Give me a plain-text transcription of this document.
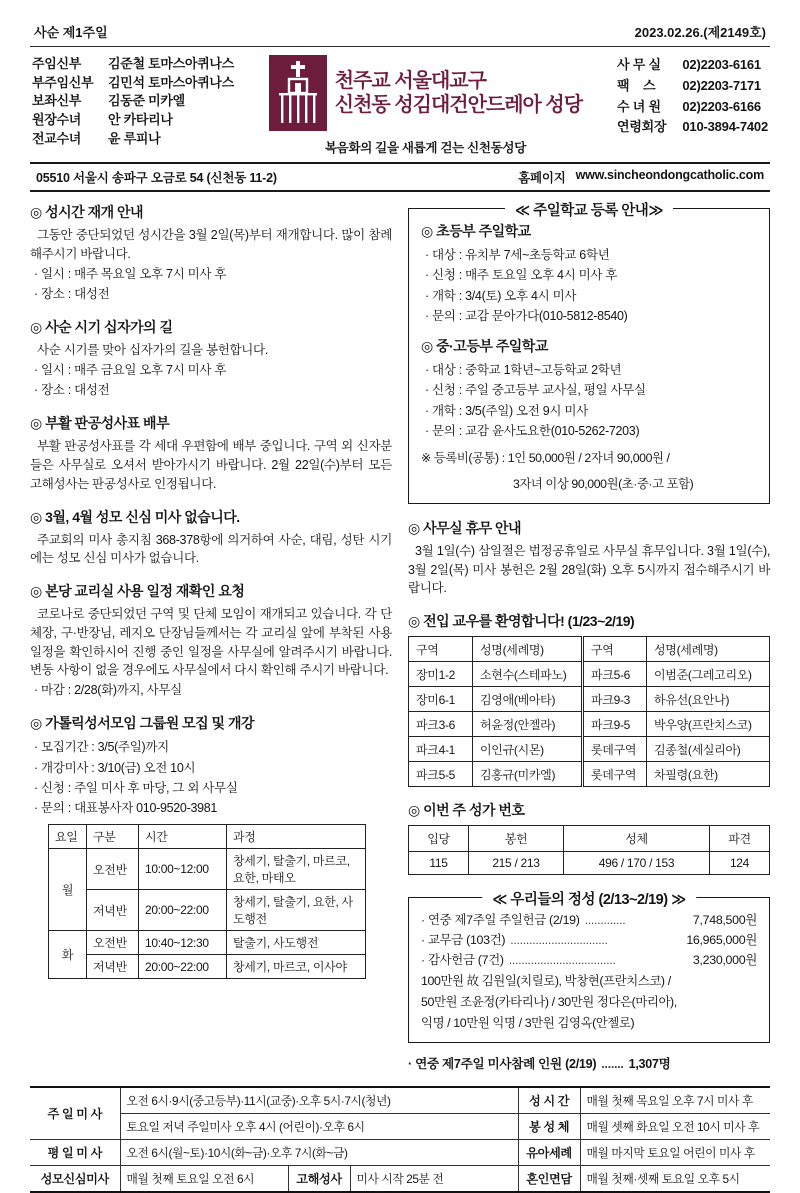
사순 제1주일	2023.02.26.(제2149호)
주임신부	김준철 토마스아퀴나스
부주임신부	김민석 토마스아퀴나스
보좌신부	김동준 미카엘
원장수녀	안 카타리나
전교수녀	윤 루피나
천주교 서울대교구
신천동 성김대건안드레아 성당
복음화의 길을 새롭게 걷는 신천동성당
사 무 실 02)2203-6161
팩    스 02)2203-7171
수 녀 원 02)2203-6166
연령회장 010-3894-7402
05510 서울시 송파구 오금로 54 (신천동 11-2)	홈페이지 www.sincheondongcatholic.com
◎ 성시간 재개 안내

그동안 중단되었던 성시간을 3월 2일(목)부터 재개합니다. 많이 참례해주시기 바랍니다.

· 일시 : 매주 목요일 오후 7시 미사 후
· 장소 : 대성전
◎ 사순 시기 십자가의 길

사순 시기를 맞아 십자가의 길을 봉헌합니다.

· 일시 : 매주 금요일 오후 7시 미사 후
· 장소 : 대성전
◎ 부활 판공성사표 배부

부활 판공성사표를 각 세대 우편함에 배부 중입니다. 구역 외 신자분들은 사무실로 오셔서 받아가시기 바랍니다. 2월 22일(수)부터 모든 고해성사는 판공성사로 인정됩니다.

◎ 3월, 4월 성모 신심 미사 없습니다.

주교회의 미사 총지침 368-378항에 의거하여 사순, 대림, 성탄 시기에는 성모 신심 미사가 없습니다.

◎ 본당 교리실 사용 일정 재확인 요청

코로나로 중단되었던 구역 및 단체 모임이 재개되고 있습니다. 각 단체장, 구·반장님, 레지오 단장님들께서는 각 교리실 앞에 부착된 사용 일정을 확인하시어 진행 중인 일정을 사무실에 알려주시기 바랍니다. 변동 사항이 없을 경우에도 사무실에서 다시 확인해 주시기 바랍니다.

· 마감 : 2/28(화)까지, 사무실
◎ 가톨릭성서모임 그룹원 모집 및 개강
· 모집기간 : 3/5(주일)까지
· 개강미사 : 3/10(금) 오전 10시
· 신청 : 주일 미사 후 마당, 그 외 사무실
· 문의 : 대표봉사자 010-9520-3981
요일	구분	시간	과정
월	오전반	10:00~12:00	창세기, 탈출기, 마르코, 요한, 마태오
	저녁반	20:00~22:00	창세기, 탈출기, 요한, 사도행전
화	오전반	10:40~12:30	탈출기, 사도행전
	저녁반	20:00~22:00	창세기, 마르코, 이사야
≪ 주일학교 등록 안내≫
◎ 초등부 주일학교
· 대상 : 유치부 7세~초등학교 6학년
· 신청 : 매주 토요일 오후 4시 미사 후
· 개학 : 3/4(토) 오후 4시 미사
· 문의 : 교감 문아가다(010-5812-8540)
◎ 중·고등부 주일학교
· 대상 : 중학교 1학년~고등학교 2학년
· 신청 : 주일 중고등부 교사실, 평일 사무실
· 개학 : 3/5(주일) 오전 9시 미사
· 문의 : 교감 윤사도요한(010-5262-7203)
※ 등록비(공통) : 1인 50,000원 / 2자녀 90,000원 /
3자녀 이상 90,000원(초·중·고 포함)
◎ 사무실 휴무 안내

3월 1일(수) 삼일절은 법정공휴일로 사무실 휴무입니다. 3월 1일(수), 3월 2일(목) 미사 봉헌은 2월 28일(화) 오후 5시까지 접수해주시기 바랍니다.

◎ 전입 교우를 환영합니다! (1/23~2/19)
구역	성명(세례명)	구역	성명(세례명)
장미1-2	소현수(스테파노)	파크5-6	이범준(그레고리오)
장미6-1	김영애(베아타)	파크9-3	하유선(요안나)
파크3-6	허윤정(안젤라)	파크9-5	박우양(프란치스코)
파크4-1	이인규(시몬)	롯데구역	김종철(세실리아)
파크5-5	김홍규(미카엘)	롯데구역	차필령(요한)
◎ 이번 주 성가 번호
입당	봉헌	성체	파견
115	215 / 213	496 / 170 / 153	124
≪ 우리들의 정성 (2/13~2/19) ≫
· 연중 제7주일 주일헌금 (2/19) .............	7,748,500원
· 교무금 (103건) ...............................	16,965,000원
· 감사헌금 (7건) ..................................	3,230,000원
100만원 故 김원일(치릴로), 박창현(프란치스코) /
50만원 조윤정(카타리나) / 30만원 정다은(마리아),
익명 / 10만원 익명 / 3만원 김영옥(안젤로)
· 연중 제7주일 미사참례 인원 (2/19) ....... 1,307명
주 일 미 사	오전 6시·9시(중고등부)·11시(교중)·오후 5시·7시(청년)			성 시 간	매월 첫째 목요일 오후 7시 미사 후
	토요일 저녁 주일미사 오후 4시 (어린이)·오후 6시			봉 성 체	매월 셋째 화요일 오전 10시 미사 후
평 일 미 사	오전 6시(월~토)·10시(화~금)·오후 7시(화~금)			유아세례	매월 마지막 토요일 어린이 미사 후
성모신심미사	매월 첫째 토요일 오전 6시	고해성사	미사 시작 25분 전	혼인면담	매월 첫째·셋째 토요일 오후 5시
